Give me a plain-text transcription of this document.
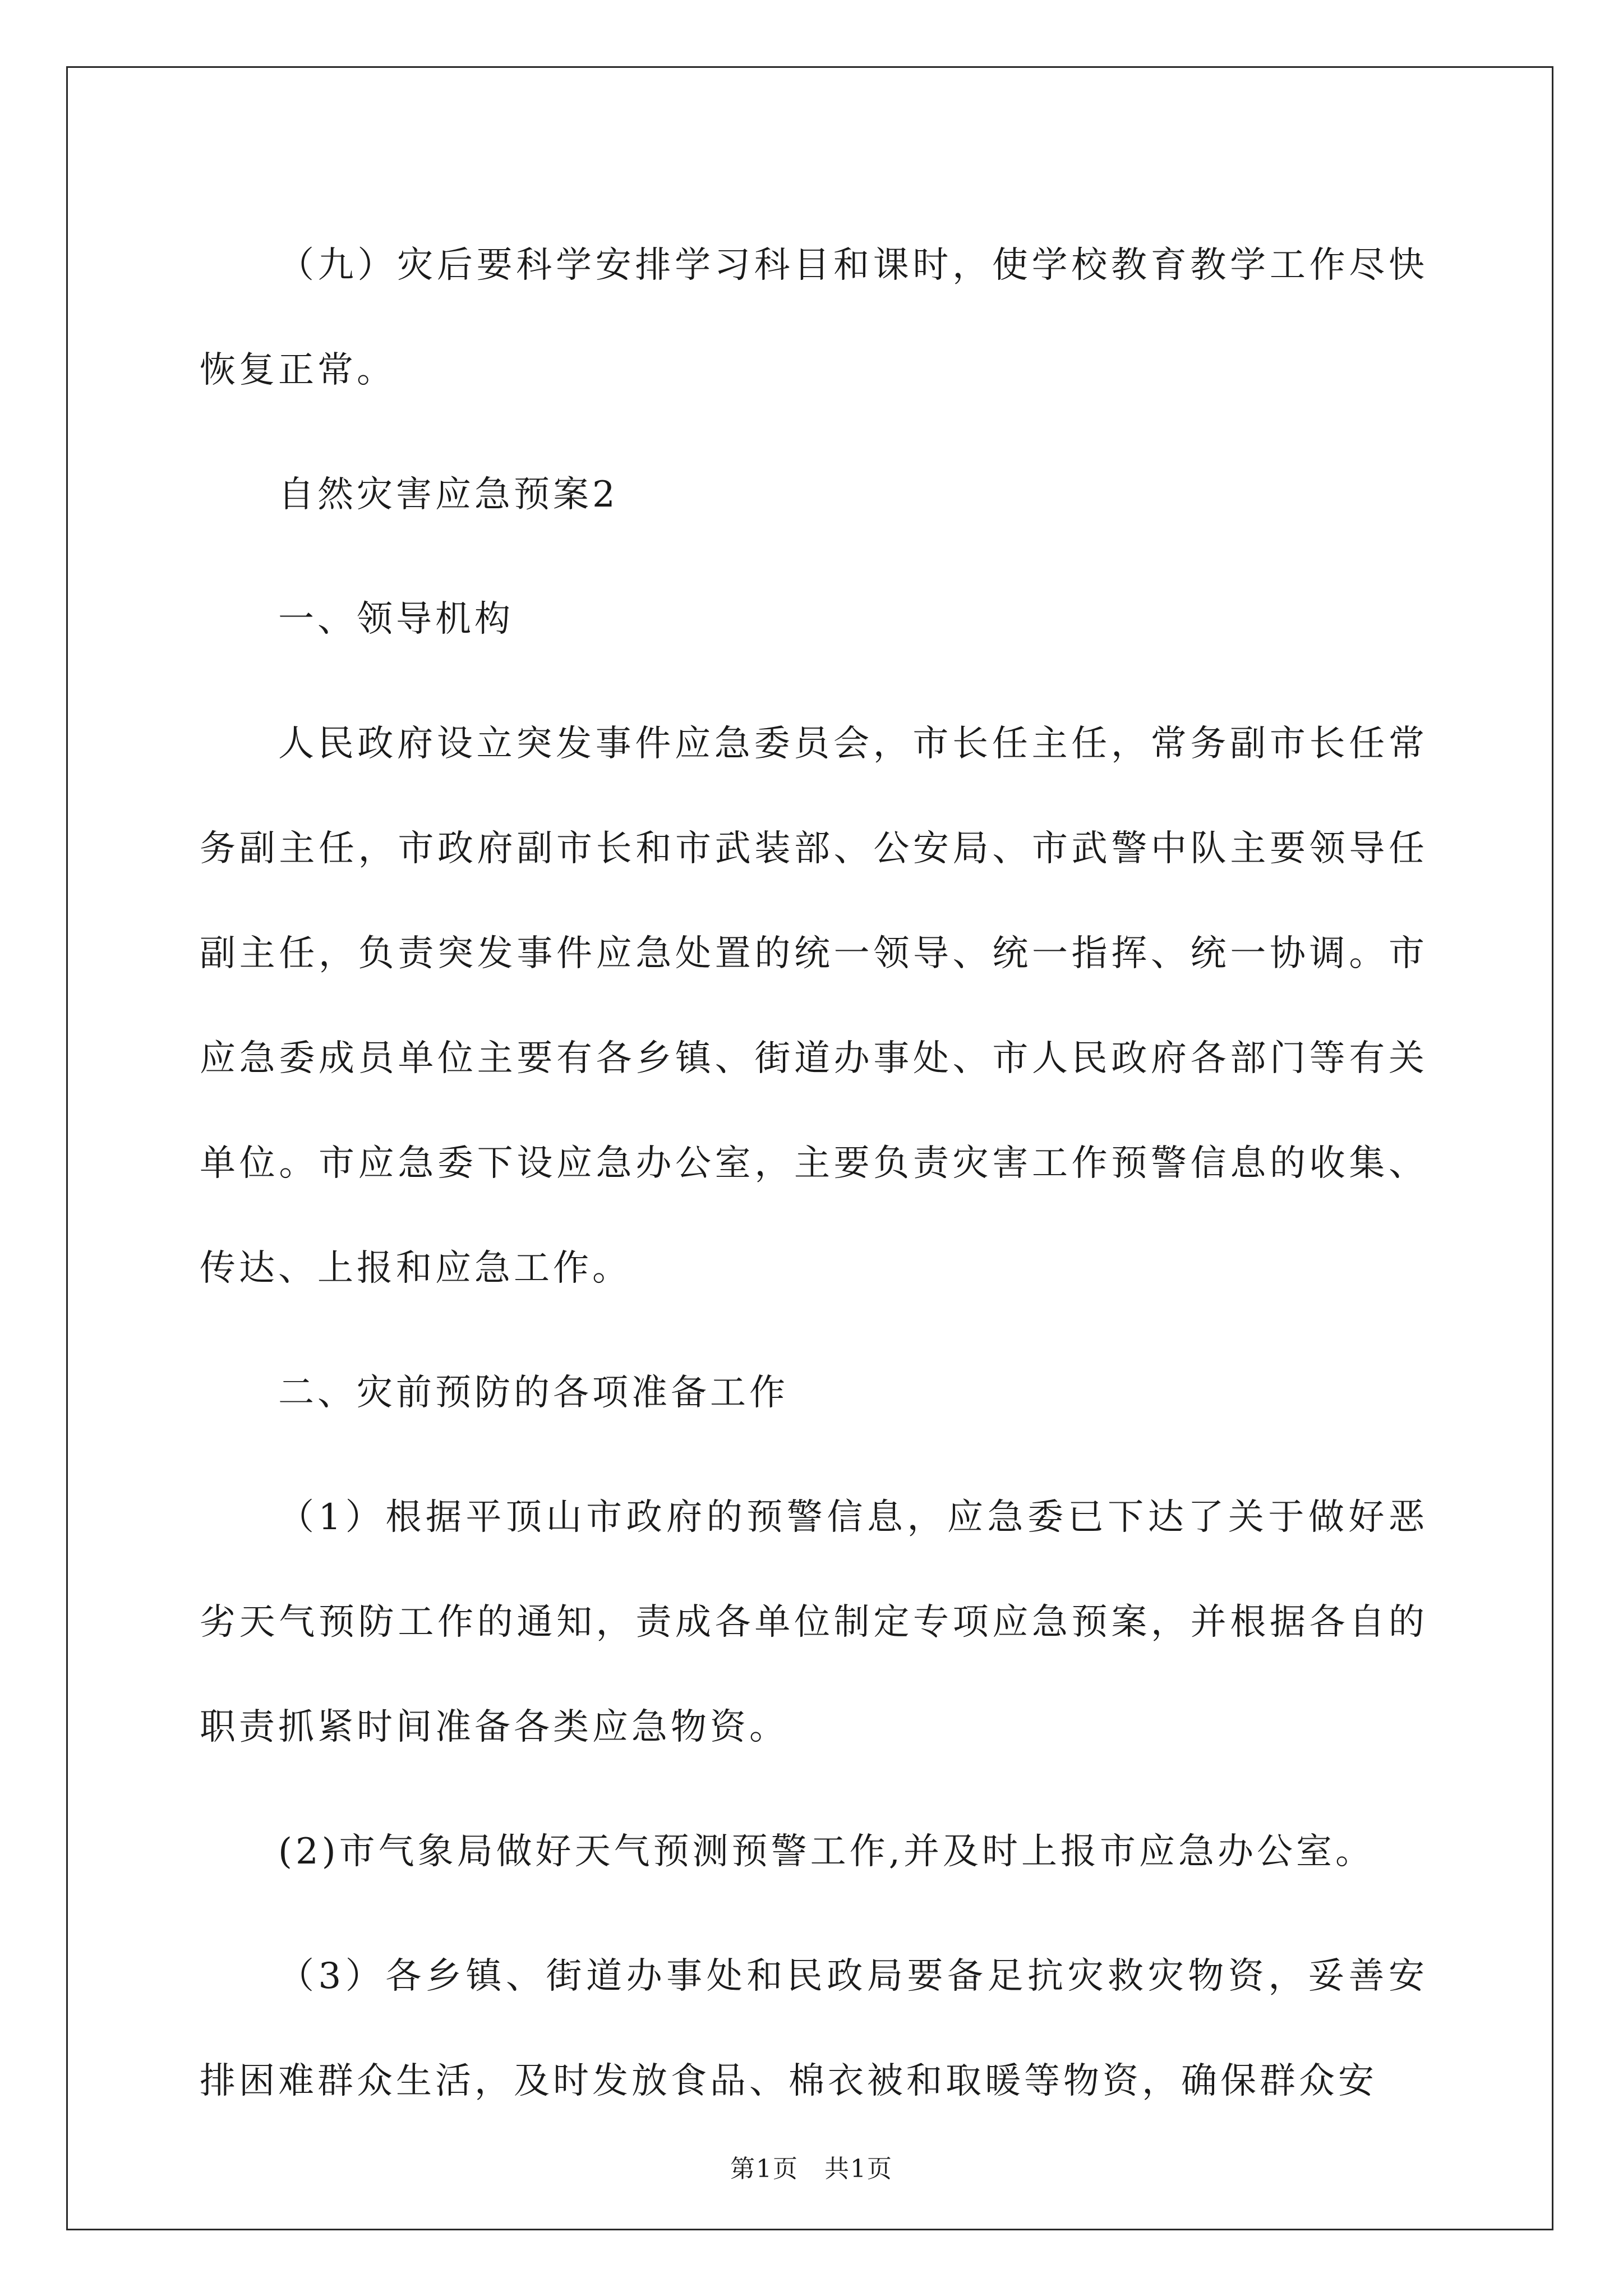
（九）灾后要科学安排学习科目和课时，使学校教育教学工作尽快恢复正常。

自然灾害应急预案2

一、领导机构

人民政府设立突发事件应急委员会，市长任主任，常务副市长任常务副主任，市政府副市长和市武装部、公安局、市武警中队主要领导任副主任，负责突发事件应急处置的统一领导、统一指挥、统一协调。市应急委成员单位主要有各乡镇、街道办事处、市人民政府各部门等有关单位。市应急委下设应急办公室，主要负责灾害工作预警信息的收集、传达、上报和应急工作。

二、灾前预防的各项准备工作

（1）根据平顶山市政府的预警信息，应急委已下达了关于做好恶劣天气预防工作的通知，责成各单位制定专项应急预案，并根据各自的职责抓紧时间准备各类应急物资。

(2)市气象局做好天气预测预警工作,并及时上报市应急办公室。

（3）各乡镇、街道办事处和民政局要备足抗灾救灾物资，妥善安排困难群众生活，及时发放食品、棉衣被和取暖等物资，确保群众安

第1页　共1页
